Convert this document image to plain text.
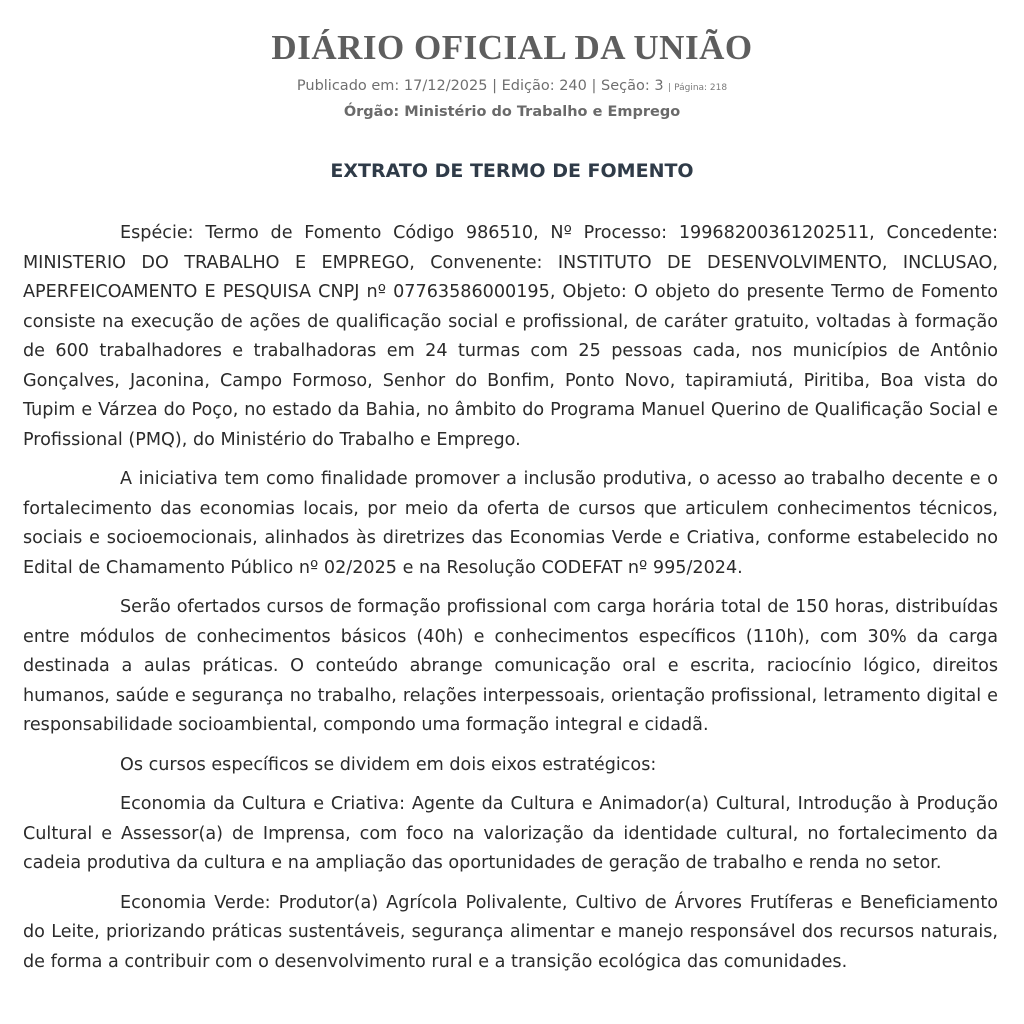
DIÁRIO OFICIAL DA UNIÃO
Publicado em: 17/12/2025 | Edição: 240 | Seção: 3 | Página: 218
Órgão: Ministério do Trabalho e Emprego
EXTRATO DE TERMO DE FOMENTO

Espécie: Termo de Fomento Código 986510, Nº Processo: 19968200361202511, Concedente: MINISTERIO DO TRABALHO E EMPREGO, Convenente: INSTITUTO DE DESENVOLVIMENTO, INCLUSAO, APERFEICOAMENTO E PESQUISA CNPJ nº 07763586000195, Objeto: O objeto do presente Termo de Fomento consiste na execução de ações de qualificação social e profissional, de caráter gratuito, voltadas à formação de 600 trabalhadores e trabalhadoras em 24 turmas com 25 pessoas cada, nos municípios de Antônio Gonçalves, Jaconina, Campo Formoso, Senhor do Bonfim, Ponto Novo, tapiramiutá, Piritiba, Boa vista do Tupim e Várzea do Poço, no estado da Bahia, no âmbito do Programa Manuel Querino de Qualificação Social e Profissional (PMQ), do Ministério do Trabalho e Emprego.

A iniciativa tem como finalidade promover a inclusão produtiva, o acesso ao trabalho decente e o fortalecimento das economias locais, por meio da oferta de cursos que articulem conhecimentos técnicos, sociais e socioemocionais, alinhados às diretrizes das Economias Verde e Criativa, conforme estabelecido no Edital de Chamamento Público nº 02/2025 e na Resolução CODEFAT nº 995/2024.

Serão ofertados cursos de formação profissional com carga horária total de 150 horas, distribuídas entre módulos de conhecimentos básicos (40h) e conhecimentos específicos (110h), com 30% da carga destinada a aulas práticas. O conteúdo abrange comunicação oral e escrita, raciocínio lógico, direitos humanos, saúde e segurança no trabalho, relações interpessoais, orientação profissional, letramento digital e responsabilidade socioambiental, compondo uma formação integral e cidadã.

Os cursos específicos se dividem em dois eixos estratégicos:

Economia da Cultura e Criativa: Agente da Cultura e Animador(a) Cultural, Introdução à Produção Cultural e Assessor(a) de Imprensa, com foco na valorização da identidade cultural, no fortalecimento da cadeia produtiva da cultura e na ampliação das oportunidades de geração de trabalho e renda no setor.

Economia Verde: Produtor(a) Agrícola Polivalente, Cultivo de Árvores Frutíferas e Beneficiamento do Leite, priorizando práticas sustentáveis, segurança alimentar e manejo responsável dos recursos naturais, de forma a contribuir com o desenvolvimento rural e a transição ecológica das comunidades.
